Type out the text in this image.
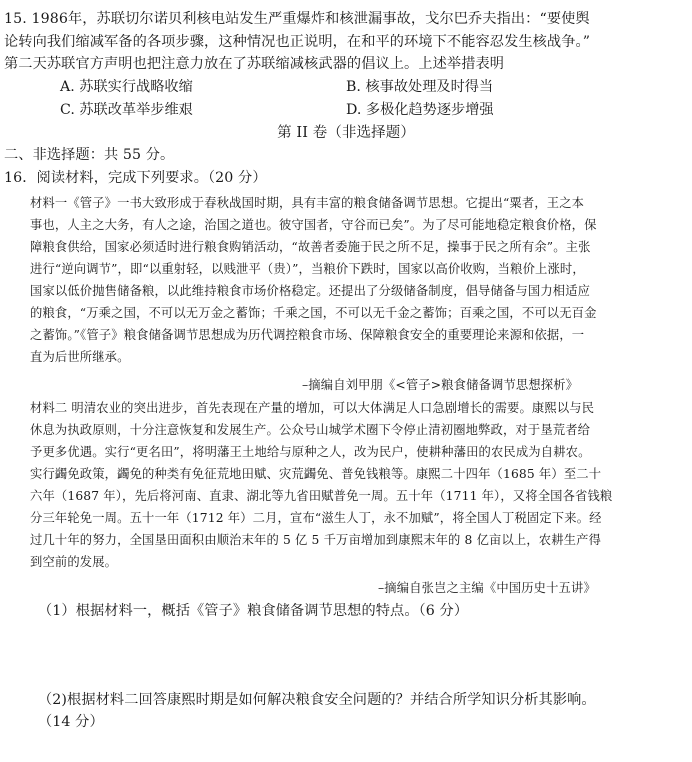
15. 1986年，苏联切尔诺贝利核电站发生严重爆炸和核泄漏事故，戈尔巴乔夫指出：“要使舆
论转向我们缩减军备的各项步骤，这种情况也正说明，在和平的环境下不能容忍发生核战争。”
第二天苏联官方声明也把注意力放在了苏联缩减核武器的倡议上。上述举措表明
A. 苏联实行战略收缩	B. 核事故处理及时得当
C. 苏联改革举步维艰	D. 多极化趋势逐步增强
第 II 卷（非选择题）
二、非选择题：共 55 分。
16．阅读材料，完成下列要求。（20 分）
材料一《管子》一书大致形成于春秋战国时期，具有丰富的粮食储备调节思想。它提出“粟者，王之本
事也，人主之大务，有人之途，治国之道也。彼守国者，守谷而已矣”。为了尽可能地稳定粮食价格，保
障粮食供给，国家必须适时进行粮食购销活动，“故善者委施于民之所不足，操事于民之所有余”。主张
进行“逆向调节”，即“以重射轻，以贱泄平（贵）”，当粮价下跌时，国家以高价收购，当粮价上涨时，
国家以低价抛售储备粮，以此维持粮食市场价格稳定。还提出了分级储备制度，倡导储备与国力相适应
的粮食，“万乘之国，不可以无万金之蓄饰；千乘之国，不可以无千金之蓄饰；百乘之国，不可以无百金
之蓄饰。”《管子》粮食储备调节思想成为历代调控粮食市场、保障粮食安全的重要理论来源和依据，一
直为后世所继承。
–摘编自刘甲朋《<管子>粮食储备调节思想探析》
材料二 明清农业的突出进步，首先表现在产量的增加，可以大体满足人口急剧增长的需要。康熙以与民
休息为执政原则，十分注意恢复和发展生产。公众号山城学术圈下令停止清初圈地弊政，对于垦荒者给
予更多优遇。实行“更名田”，将明藩王土地给与原种之人，改为民户，使耕种藩田的农民成为自耕农。
实行蠲免政策，蠲免的种类有免征荒地田赋、灾荒蠲免、普免钱粮等。康熙二十四年（1685 年）至二十
六年（1687 年），先后将河南、直隶、湖北等九省田赋普免一周。五十年（1711 年），又将全国各省钱粮
分三年轮免一周。五十一年（1712 年）二月，宣布“滋生人丁，永不加赋”，将全国人丁税固定下来。经
过几十年的努力，全国垦田面积由顺治末年的 5 亿 5 千万亩增加到康熙末年的 8 亿亩以上，农耕生产得
到空前的发展。
–摘编自张岂之主编《中国历史十五讲》
（1）根据材料一，概括《管子》粮食储备调节思想的特点。（6 分）
（2)根据材料二回答康熙时期是如何解决粮食安全问题的？并结合所学知识分析其影响。
（14 分）
